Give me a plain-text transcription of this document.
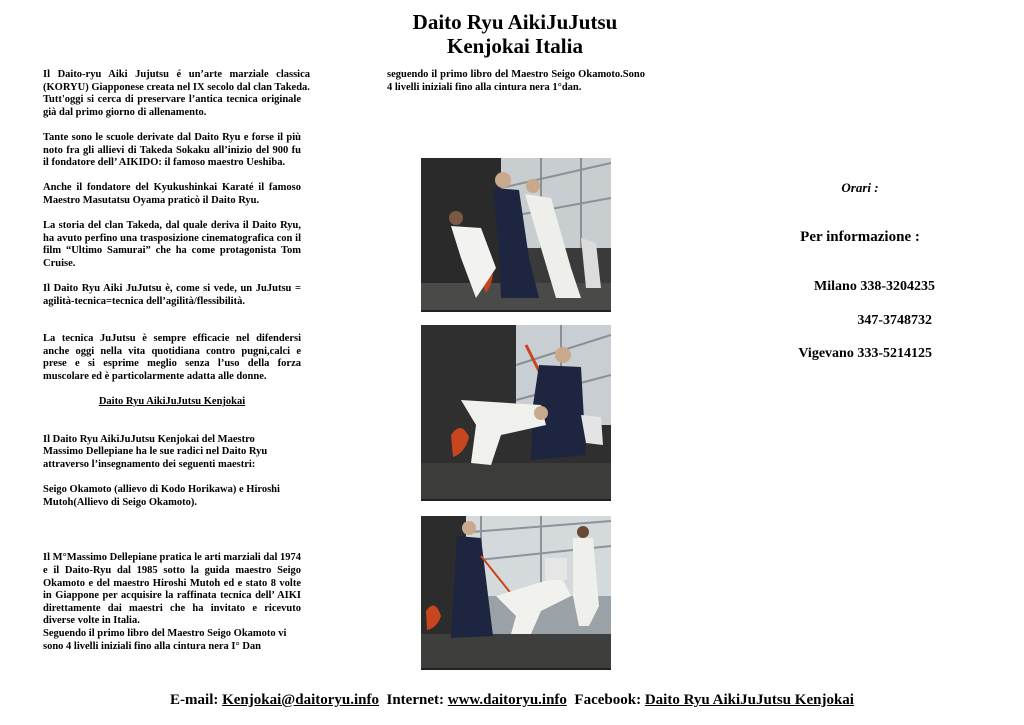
Daito Ryu AikiJuJutsu
Kenjokai Italia

Il Daito-ryu Aiki Jujutsu é un’arte marziale classica (KORYU) Giapponese creata nel IX secolo dal clan Takeda.

Tutt'oggi si cerca di preservare l’antica tecnica originale già dal primo giorno di allenamento.

Tante sono le scuole derivate dal Daito Ryu e forse il più noto fra gli allievi di Takeda Sokaku all’inizio del 900 fu il fondatore dell’ AIKIDO: il famoso maestro Ueshiba.

Anche il fondatore del Kyukushinkai Karaté il famoso Maestro Masutatsu Oyama praticò il Daito Ryu.

La storia del clan Takeda, dal quale deriva il Daito Ryu, ha avuto perfino una trasposizione cinematografica con il film “Ultimo Samurai” che ha come protagonista Tom Cruise.

Il Daito Ryu Aiki JuJutsu è, come si vede, un JuJutsu = agilità-tecnica=tecnica dell’agilità/flessibilità.

La tecnica JuJutsu è sempre efficacie nel difendersi anche oggi nella vita quotidiana contro pugni,calci e prese e si esprime meglio senza l’uso della forza muscolare ed è particolarmente adatta alle donne.

Daito Ryu AikiJuJutsu Kenjokai

Il Daito Ryu AikiJuJutsu Kenjokai del Maestro Massimo Dellepiane ha le sue radici nel Daito Ryu attraverso l’insegnamento dei seguenti maestri:

Seigo Okamoto (allievo di Kodo Horikawa) e Hiroshi Mutoh(Allievo di Seigo Okamoto).

Il M°Massimo Dellepiane pratica le arti marziali dal 1974 e il Daito-Ryu dal 1985 sotto la guida maestro Seigo Okamoto e del maestro Hiroshi Mutoh ed e stato 8 volte in Giappone per acquisire la raffinata tecnica dell’ AIKI direttamente dai maestri che ha invitato e ricevuto diverse volte in Italia.

Seguendo il primo libro del Maestro Seigo Okamoto vi sono 4 livelli iniziali fino alla cintura nera I° Dan

seguendo il primo libro del Maestro Seigo Okamoto.Sono 4 livelli iniziali fino alla cintura nera 1°dan.

Orari :
Per informazione :
Milano 338-3204235
347-3748732
Vigevano 333-5214125
E-mail: Kenjokai@daitoryu.info Internet: www.daitoryu.info Facebook: Daito Ryu AikiJuJutsu Kenjokai
